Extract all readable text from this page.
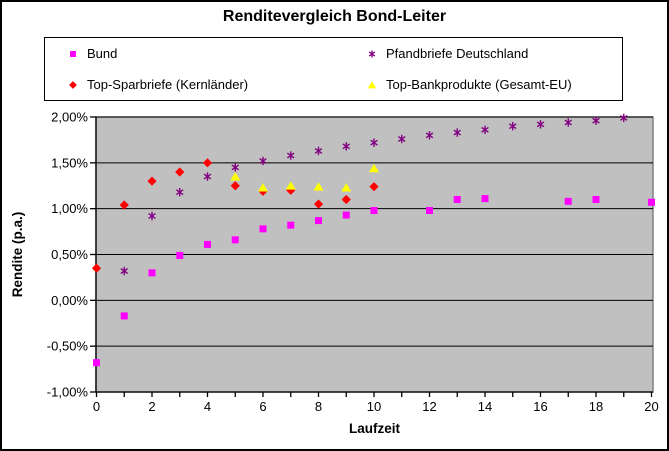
Renditevergleich Bond-Leiter
Bund	Pfandbriefe Deutschland
Top-Sparbriefe (Kernländer)	Top-Bankprodukte (Gesamt-EU)
2,00%
1,50%
1,00%
0,50%
0,00%
-0,50%
-1,00%
0	2	4	6	8	10	12	14	16	18	20
Laufzeit
Rendite (p.a.)
